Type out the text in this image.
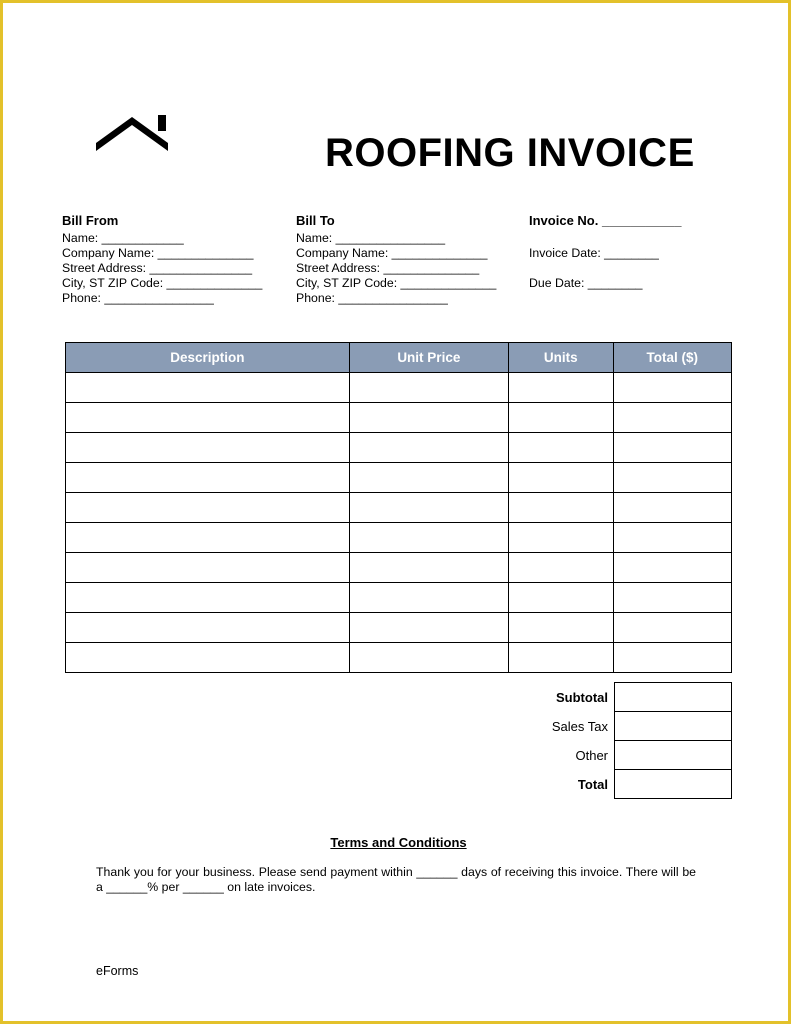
ROOFING INVOICE
Bill From
Name: ____________
Company Name: ______________
Street Address: _______________
City, ST ZIP Code: ______________
Phone: ________________
Bill To
Name: ________________
Company Name: ______________
Street Address: ______________
City, ST ZIP Code: ______________
Phone: ________________
Invoice No. ___________
Invoice Date: ________
Due Date: ________
Description	Unit Price	Units	Total ($)

Subtotal	
Sales Tax	
Other	
Total	
Terms and Conditions
Thank you for your business. Please send payment within ______ days of receiving this invoice. There will be a ______% per ______ on late invoices.
eForms
